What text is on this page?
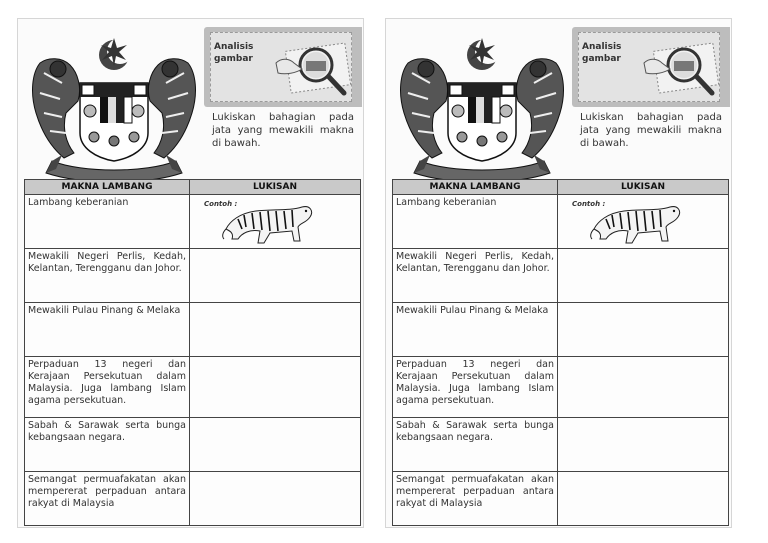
Analisis
gambar
Lukiskan bahagian pada jata yang mewakili makna di bawah.
MAKNA LAMBANG	LUKISAN
Lambang keberanian	Contoh :

Mewakili Negeri Perlis, Kedah, Kelantan, Terengganu dan Johor.	
Mewakili Pulau Pinang & Melaka	
Perpaduan 13 negeri dan Kerajaan Persekutuan dalam Malaysia. Juga lambang Islam agama persekutuan.	
Sabah & Sarawak serta bunga kebangsaan negara.	
Semangat permuafakatan akan mempererat perpaduan antara rakyat di Malaysia	
Analisis
gambar
Lukiskan bahagian pada jata yang mewakili makna di bawah.
MAKNA LAMBANG	LUKISAN
Lambang keberanian	Contoh :

Mewakili Negeri Perlis, Kedah, Kelantan, Terengganu dan Johor.	
Mewakili Pulau Pinang & Melaka	
Perpaduan 13 negeri dan Kerajaan Persekutuan dalam Malaysia. Juga lambang Islam agama persekutuan.	
Sabah & Sarawak serta bunga kebangsaan negara.	
Semangat permuafakatan akan mempererat perpaduan antara rakyat di Malaysia	
